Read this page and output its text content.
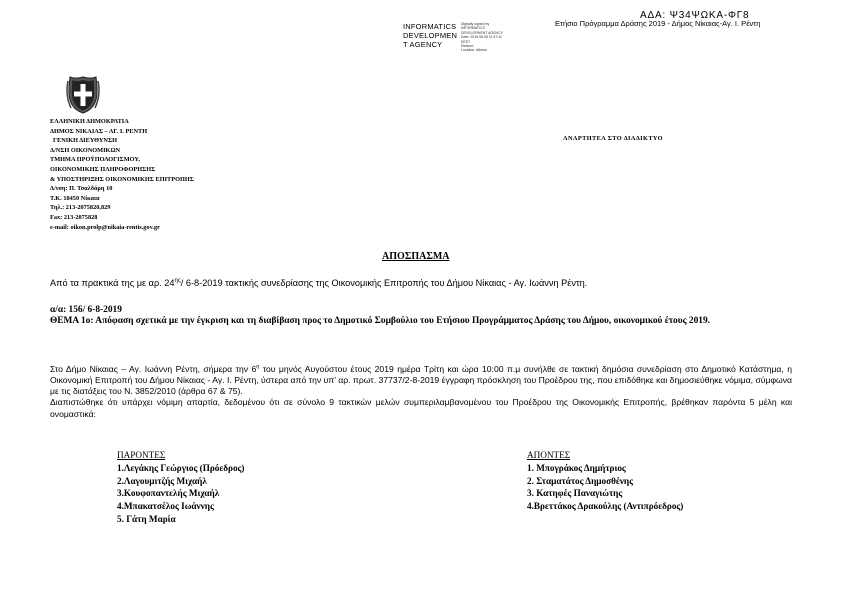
INFORMATICS
DEVELOPMEN
T AGENCY
Digitally signed by
INFORMATICS
DEVELOPMENT AGENCY
Date: 2019.08.08 11:37:11
EEST
Reason:
Location: Athens
ΑΔΑ: Ψ34ΨΩΚΑ-ΦΓ8
Ετήσιο Πρόγραμμα Δράσης 2019 - Δήμος Νίκαιας-Αγ. Ι. Ρέντη
ΕΛΛΗΝΙΚΗ ΔΗΜΟΚΡΑΤΙΑ
ΔΗΜΟΣ ΝΙΚΑΙΑΣ – ΑΓ. Ι. ΡΕΝΤΗ
ΓΕΝΙΚΗ ΔΙΕΥΘΥΝΣΗ
Δ/ΝΣΗ ΟΙΚΟΝΟΜΙΚΩΝ
ΤΜΗΜΑ ΠΡΟΫΠΟΛΟΓΙΣΜΟΥ,
ΟΙΚΟΝΟΜΙΚΗΣ ΠΛΗΡΟΦΟΡΗΣΗΣ
& ΥΠΟΣΤΗΡΙΞΗΣ ΟΙΚΟΝΟΜΙΚΗΣ ΕΠΙΤΡΟΠΗΣ
Δ/νση: Π. Τσαλδάρη 10
Τ.Κ. 18450 Νίκαια
Τηλ.: 213-2075820,829
Fax: 213-2075828
e-mail: oikon.prolp@nikaia-rentis.gov.gr
ΑΝΑΡΤΗΤΕΑ ΣΤΟ ΔΙΑΔΙΚΤΥΟ
ΑΠΟΣΠΑΣΜΑ
Από τα πρακτικά της με αρ. $24^{\eta\varsigma}/$ 6-8-2019 τακτικής συνεδρίασης της Οικονομικής Επιτροπής του Δήμου Νίκαιας - Αγ. Ιωάννη Ρέντη.
α/α: 156/ 6-8-2019
ΘΕΜΑ 1ο: Απόφαση σχετικά με την έγκριση και τη διαβίβαση προς το Δημοτικό Συμβούλιο του Ετήσιου Προγράμματος Δράσης του Δήμου, οικονομικού έτους 2019.

Στο Δήμο Νίκαιας – Αγ. Ιωάννη Ρέντη, σήμερα την $6^\eta$ του μηνός Αυγούστου έτους 2019 ημέρα Τρίτη και ώρα 10:00 π.μ συνήλθε σε τακτική δημόσια συνεδρίαση στο Δημοτικό Κατάστημα, η Οικονομική Επιτροπή του Δήμου Νίκαιας - Αγ. Ι. Ρέντη, ύστερα από την υπ’ αρ. πρωτ. 37737/2-8-2019 έγγραφη πρόσκληση του Προέδρου της, που επιδόθηκε και δημοσιεύθηκε νόμιμα, σύμφωνα με τις διατάξεις του Ν. 3852/2010 (άρθρα 67 & 75).

Διαπιστώθηκε ότι υπάρχει νόμιμη απαρτία, δεδομένου ότι σε σύνολο 9 τακτικών μελών συμπεριλαμβανομένου του Προέδρου της Οικονομικής Επιτροπής, βρέθηκαν παρόντα 5 μέλη και ονομαστικά:

ΠΑΡΟΝΤΕΣ
1.Λεγάκης Γεώργιος (Πρόεδρος)
2.Λαγουμιτζής Μιχαήλ
3.Κουφοπαντελής Μιχαήλ
4.Μπακατσέλος Ιωάννης
5. Γάτη Μαρία
ΑΠΟΝΤΕΣ
1. Μπογράκος Δημήτριος
2. Σταματάτος Δημοσθένης
3. Κατηφές Παναγιώτης
4.Βρεττάκος Δρακούλης (Αντιπρόεδρος)
